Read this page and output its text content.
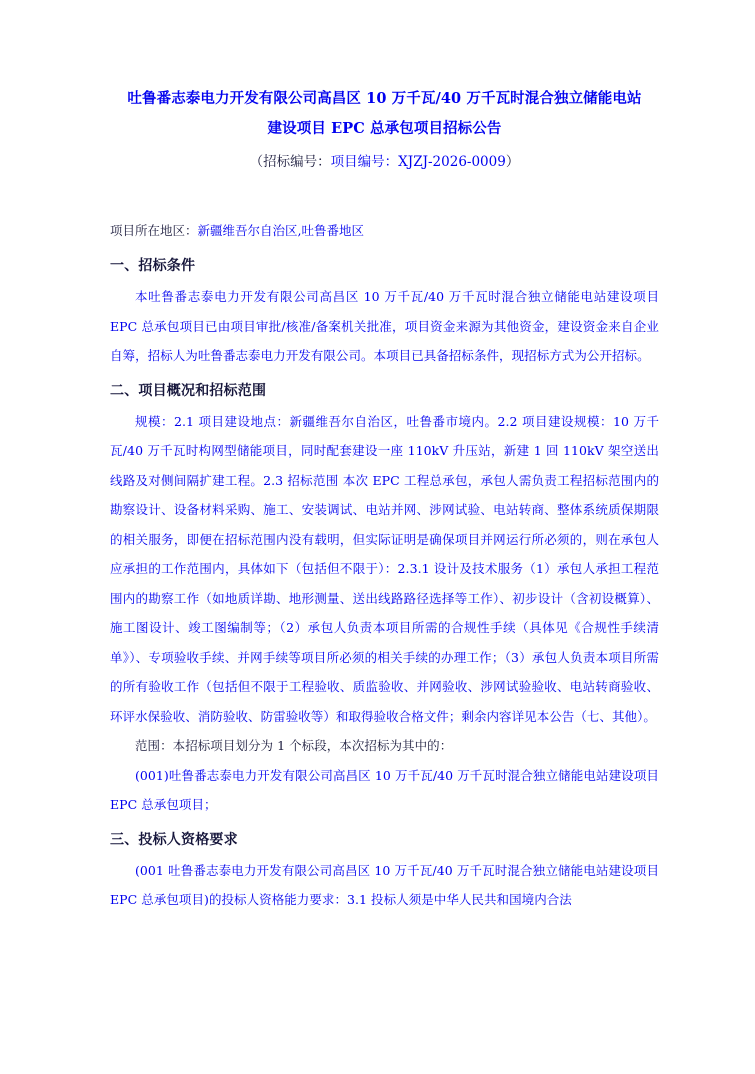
吐鲁番志泰电力开发有限公司高昌区 10 万千瓦/40 万千瓦时混合独立储能电站
建设项目 EPC 总承包项目招标公告
（招标编号：项目编号：XJZJ-2026-0009）

项目所在地区：新疆维吾尔自治区,吐鲁番地区

一、招标条件

本吐鲁番志泰电力开发有限公司高昌区 10 万千瓦/40 万千瓦时混合独立储能电站建设项目 EPC 总承包项目已由项目审批/核准/备案机关批准，项目资金来源为其他资金，建设资金来自企业自筹，招标人为吐鲁番志泰电力开发有限公司。本项目已具备招标条件，现招标方式为公开招标。

二、项目概况和招标范围

规模：2.1 项目建设地点：新疆维吾尔自治区，吐鲁番市境内。2.2 项目建设规模：10 万千瓦/40 万千瓦时构网型储能项目，同时配套建设一座 110kV 升压站，新建 1 回 110kV 架空送出线路及对侧间隔扩建工程。2.3 招标范围 本次 EPC 工程总承包，承包人需负责工程招标范围内的勘察设计、设备材料采购、施工、安装调试、电站并网、涉网试验、电站转商、整体系统质保期限的相关服务，即便在招标范围内没有载明，但实际证明是确保项目并网运行所必须的，则在承包人应承担的工作范围内，具体如下（包括但不限于）：2.3.1 设计及技术服务（1）承包人承担工程范围内的勘察工作（如地质详勘、地形测量、送出线路路径选择等工作）、初步设计（含初设概算）、施工图设计、竣工图编制等；（2）承包人负责本项目所需的合规性手续（具体见《合规性手续清单》）、专项验收手续、并网手续等项目所必须的相关手续的办理工作；（3）承包人负责本项目所需的所有验收工作（包括但不限于工程验收、质监验收、并网验收、涉网试验验收、电站转商验收、环评水保验收、消防验收、防雷验收等）和取得验收合格文件；剩余内容详见本公告（七、其他）。

范围：本招标项目划分为 1 个标段，本次招标为其中的：

(001)吐鲁番志泰电力开发有限公司高昌区 10 万千瓦/40 万千瓦时混合独立储能电站建设项目 EPC 总承包项目；

三、投标人资格要求

(001 吐鲁番志泰电力开发有限公司高昌区 10 万千瓦/40 万千瓦时混合独立储能电站建设项目 EPC 总承包项目)的投标人资格能力要求：3.1 投标人须是中华人民共和国境内合法
